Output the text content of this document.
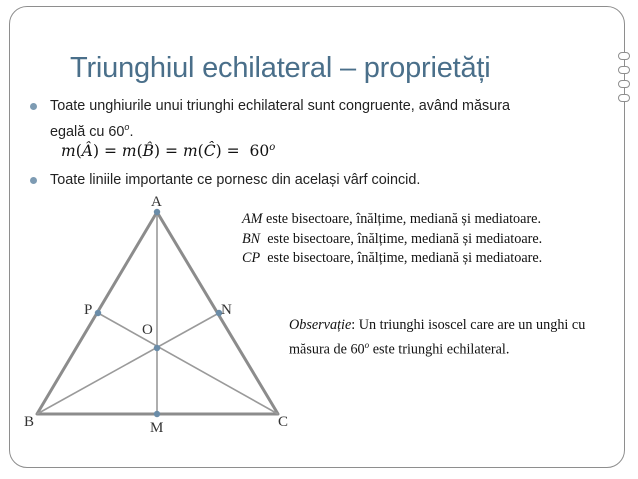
Triunghiul echilateral – proprietăți
Toate unghiurile unui triunghi echilateral sunt congruente, având măsura
egală cu 60$^o$.
m(Â) = m(B̂) = m(Ĉ) = $60^o$
Toate liniile importante ce pornesc din același vârf coincid.
A
P	N
O
B	C
M
AM este bisectoare, înălțime, mediană și mediatoare.
BN  este bisectoare, înălțime, mediană și mediatoare.
CP  este bisectoare, înălțime, mediană și mediatoare.
Observație: Un triunghi isoscel care are un unghi cu măsura de 60$^o$ este triunghi echilateral.
